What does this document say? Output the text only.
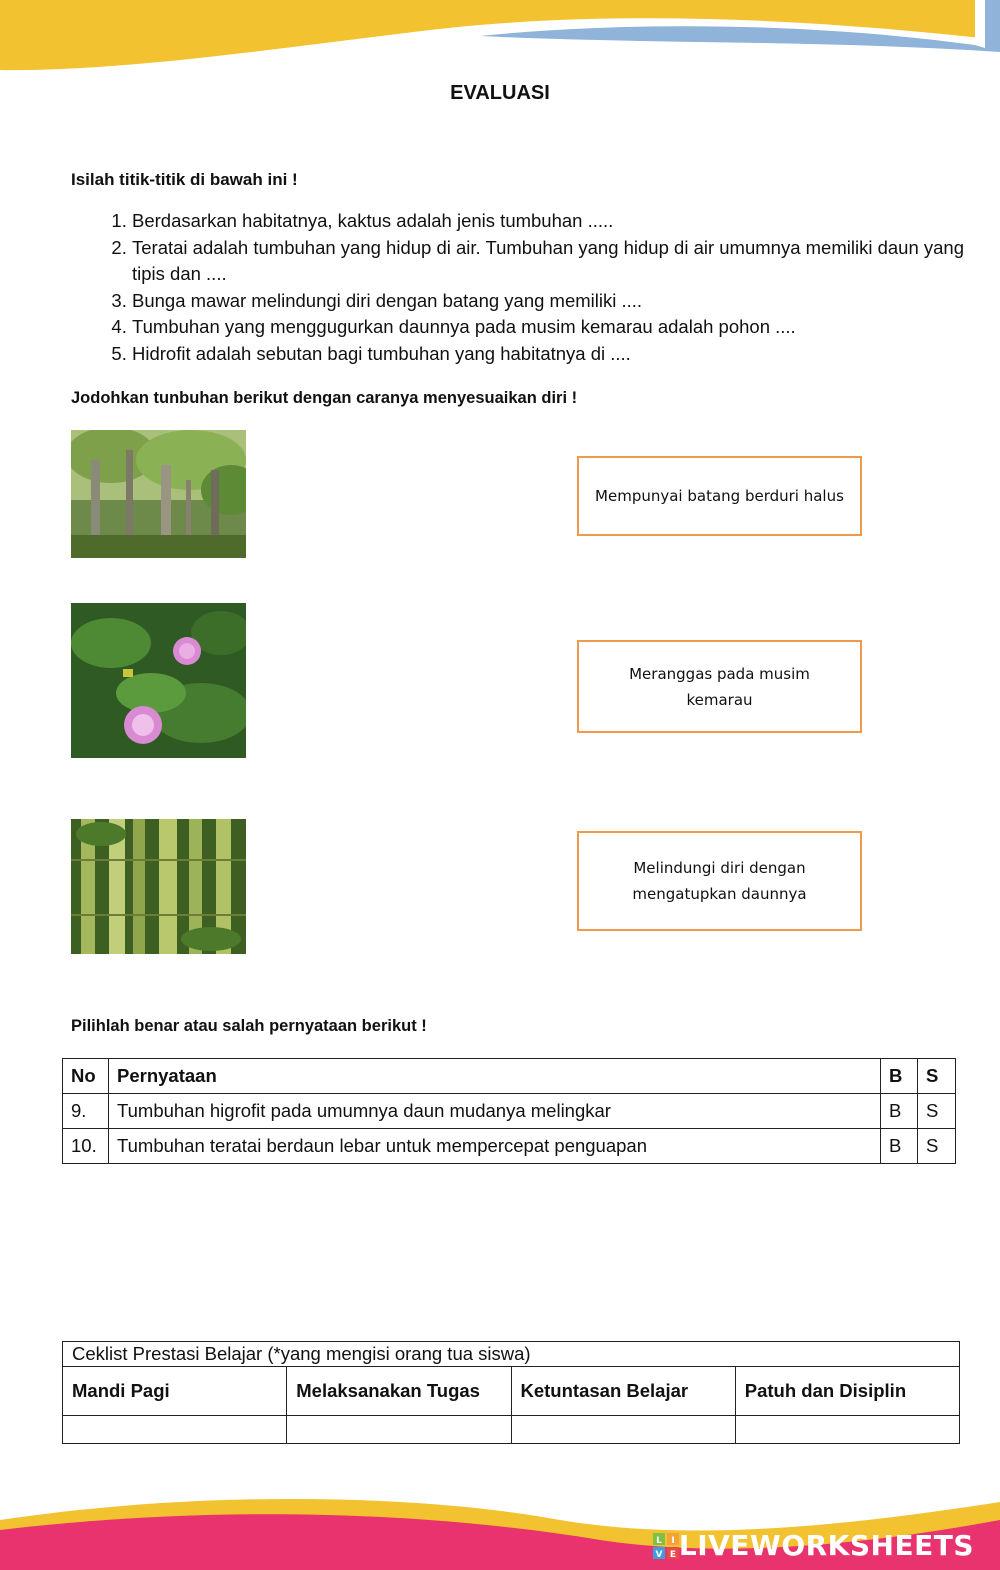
EVALUASI
Isilah titik-titik di bawah ini !
1. Berdasarkan habitatnya, kaktus adalah jenis tumbuhan .....
2. Teratai adalah tumbuhan yang hidup di air. Tumbuhan yang hidup di air umumnya memiliki daun yang tipis dan ....
3. Bunga mawar melindungi diri dengan batang yang memiliki ....
4. Tumbuhan yang menggugurkan daunnya pada musim kemarau adalah pohon ....
5. Hidrofit adalah sebutan bagi tumbuhan yang habitatnya di ....
Jodohkan tunbuhan berikut dengan caranya menyesuaikan diri !
Mempunyai batang berduri halus
Meranggas pada musim kemarau
Melindungi diri dengan mengatupkan daunnya
Pilihlah benar atau salah pernyataan berikut !
No	Pernyataan	B	S
9.	Tumbuhan higrofit pada umumnya daun mudanya melingkar	B	S
10.	Tumbuhan teratai berdaun lebar untuk mempercepat penguapan	B	S
Ceklist Prestasi Belajar (*yang mengisi orang tua siswa)			
Mandi Pagi	Melaksanakan Tugas	Ketuntasan Belajar	Patuh dan Disiplin

L I
V E LIVEWORKSHEETS
